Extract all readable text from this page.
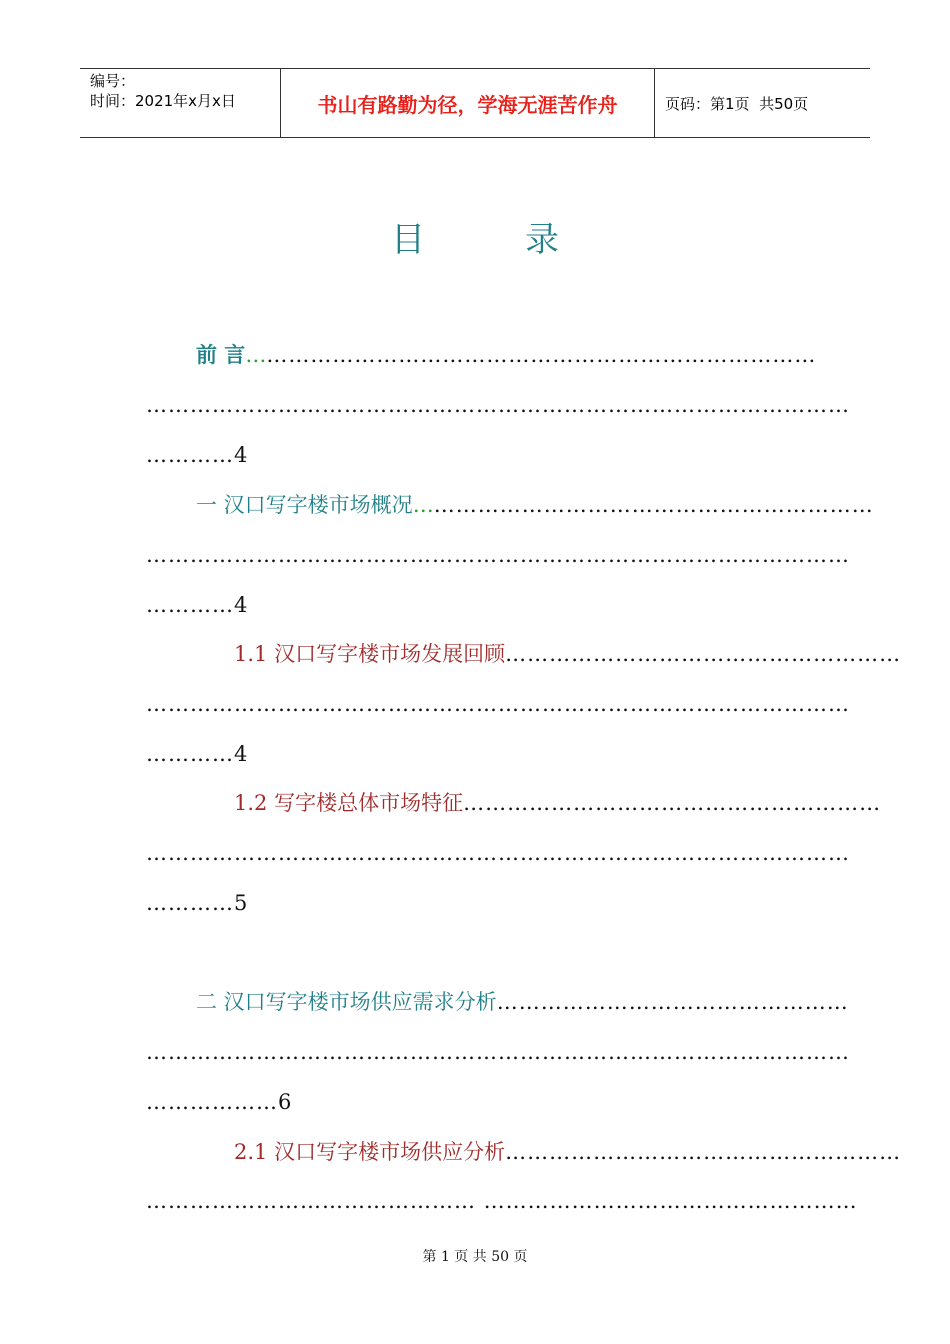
编号：
时间：2021年x月x日	书山有路勤为径，学海无涯苦作舟	页码：第1页  共50页
目录
前 言……………………………………………………………………
……………………………………………………………………………………
…………4
一 汉口写字楼市场概况………………………………………………………
……………………………………………………………………………………
…………4
1.1 汉口写字楼市场发展回顾………………………………………………
……………………………………………………………………………………
…………4
1.2 写字楼总体市场特征…………………………………………………
……………………………………………………………………………………
…………5
二 汉口写字楼市场供应需求分析…………………………………………
……………………………………………………………………………………
………………6
2.1 汉口写字楼市场供应分析………………………………………………
……………………………………… ……………………………………………
第 1 页 共 50 页
